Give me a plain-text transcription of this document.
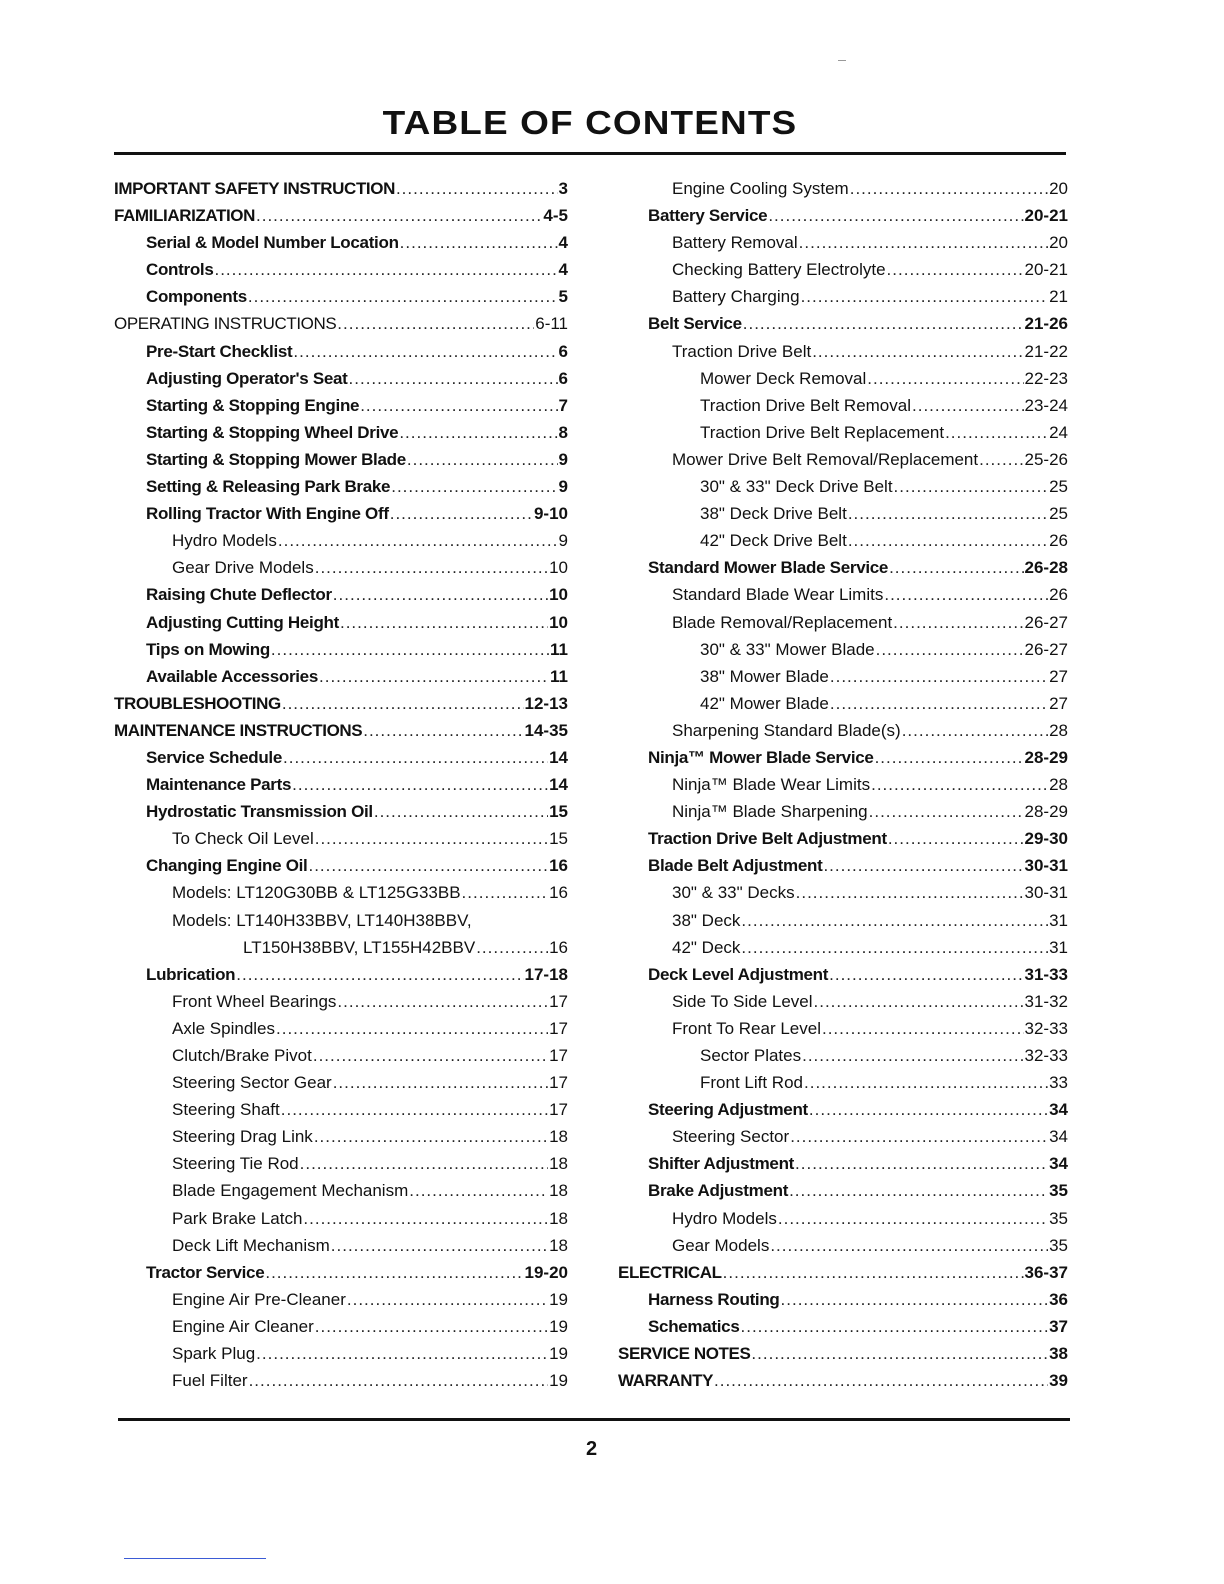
TABLE OF CONTENTS
IMPORTANT SAFETY INSTRUCTION .....	3
FAMILIARIZATION .....	4-5
Serial & Model Number Location .....	4
Controls .....	4
Components .....	5
OPERATING INSTRUCTIONS .....	6-11
Pre-Start Checklist .....	6
Adjusting Operator's Seat .....	6
Starting & Stopping Engine .....	7
Starting & Stopping Wheel Drive .....	8
Starting & Stopping Mower Blade .....	9
Setting & Releasing Park Brake .....	9
Rolling Tractor With Engine Off .....	9-10
Hydro Models .....	9
Gear Drive Models .....	10
Raising Chute Deflector .....	10
Adjusting Cutting Height .....	10
Tips on Mowing .....	11
Available Accessories .....	11
TROUBLESHOOTING .....	12-13
MAINTENANCE INSTRUCTIONS .....	14-35
Service Schedule .....	14
Maintenance Parts .....	14
Hydrostatic Transmission Oil .....	15
To Check Oil Level .....	15
Changing Engine Oil .....	16
Models: LT120G30BB & LT125G33BB .....	16
Models: LT140H33BBV, LT140H38BBV,
LT150H38BBV, LT155H42BBV .....	16
Lubrication .....	17-18
Front Wheel Bearings .....	17
Axle Spindles .....	17
Clutch/Brake Pivot .....	17
Steering Sector Gear .....	17
Steering Shaft .....	17
Steering Drag Link .....	18
Steering Tie Rod .....	18
Blade Engagement Mechanism .....	18
Park Brake Latch .....	18
Deck Lift Mechanism .....	18
Tractor Service .....	19-20
Engine Air Pre-Cleaner .....	19
Engine Air Cleaner .....	19
Spark Plug .....	19
Fuel Filter .....	19
Engine Cooling System .....	20
Battery Service .....	20-21
Battery Removal .....	20
Checking Battery Electrolyte .....	20-21
Battery Charging .....	21
Belt Service .....	21-26
Traction Drive Belt .....	21-22
Mower Deck Removal .....	22-23
Traction Drive Belt Removal .....	23-24
Traction Drive Belt Replacement .....	24
Mower Drive Belt Removal/Replacement .....	25-26
30" & 33" Deck Drive Belt .....	25
38" Deck Drive Belt .....	25
42" Deck Drive Belt .....	26
Standard Mower Blade Service .....	26-28
Standard Blade Wear Limits .....	26
Blade Removal/Replacement .....	26-27
30" & 33" Mower Blade .....	26-27
38" Mower Blade .....	27
42" Mower Blade .....	27
Sharpening Standard Blade(s) .....	28
Ninja™ Mower Blade Service .....	28-29
Ninja™ Blade Wear Limits .....	28
Ninja™ Blade Sharpening .....	28-29
Traction Drive Belt Adjustment .....	29-30
Blade Belt Adjustment .....	30-31
30" & 33" Decks .....	30-31
38" Deck .....	31
42" Deck .....	31
Deck Level Adjustment .....	31-33
Side To Side Level .....	31-32
Front To Rear Level .....	32-33
Sector Plates .....	32-33
Front Lift Rod .....	33
Steering Adjustment .....	34
Steering Sector .....	34
Shifter Adjustment .....	34
Brake Adjustment .....	35
Hydro Models .....	35
Gear Models .....	35
ELECTRICAL .....	36-37
Harness Routing .....	36
Schematics .....	37
SERVICE NOTES .....	38
WARRANTY .....	39
2
